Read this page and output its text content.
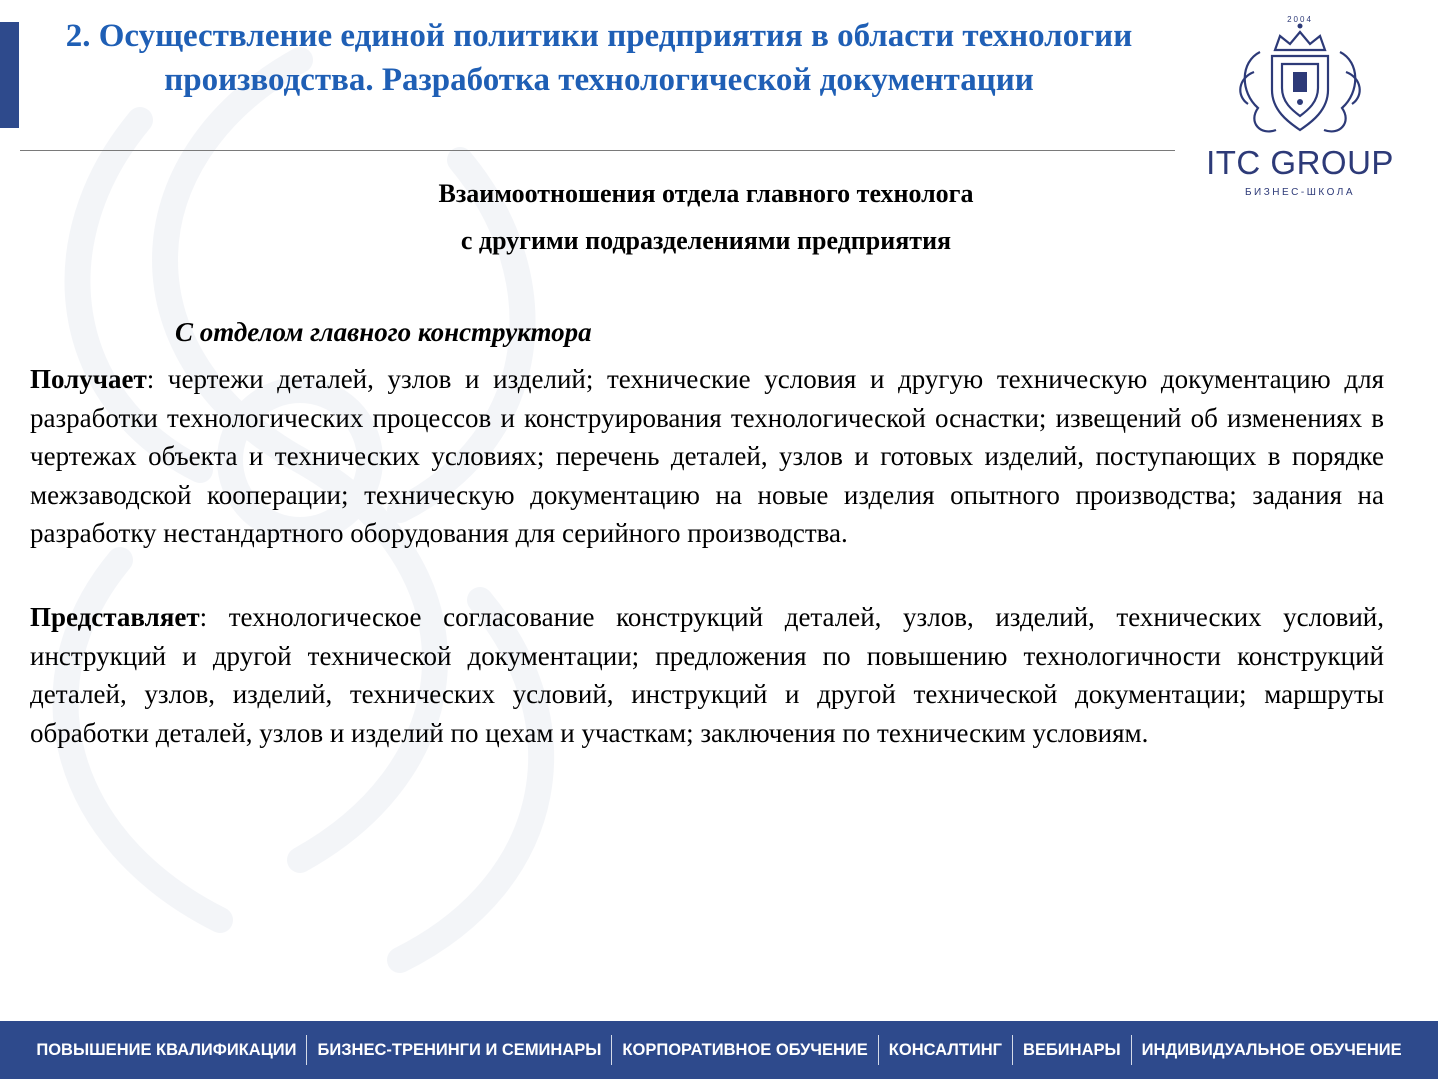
2. Осуществление единой политики предприятия в области технологии производства. Разработка технологической документации
2004
ITC GROUP
БИЗНЕС-ШКОЛА
Взаимоотношения отдела главного технолога
с другими подразделениями предприятия
С отделом главного конструктора
Получает: чертежи деталей, узлов и изделий; технические условия и другую техническую документацию для разработки технологических процессов и конструирования технологической оснастки; извещений об изменениях в чертежах объекта и технических условиях; перечень деталей, узлов и готовых изделий, поступающих в порядке межзаводской кооперации; техническую документацию на новые изделия опытного производства; задания на разработку нестандартного оборудования для серийного производства.
Представляет: технологическое согласование конструкций деталей, узлов, изделий, технических условий, инструкций и другой технической документации; предложения по повышению технологичности конструкций деталей, узлов, изделий, технических условий, инструкций и другой технической документации; маршруты обработки деталей, узлов и изделий по цехам и участкам; заключения по техническим условиям.
ПОВЫШЕНИЕ КВАЛИФИКАЦИИ	БИЗНЕС-ТРЕНИНГИ И СЕМИНАРЫ	КОРПОРАТИВНОЕ ОБУЧЕНИЕ	КОНСАЛТИНГ	ВЕБИНАРЫ	ИНДИВИДУАЛЬНОЕ ОБУЧЕНИЕ
